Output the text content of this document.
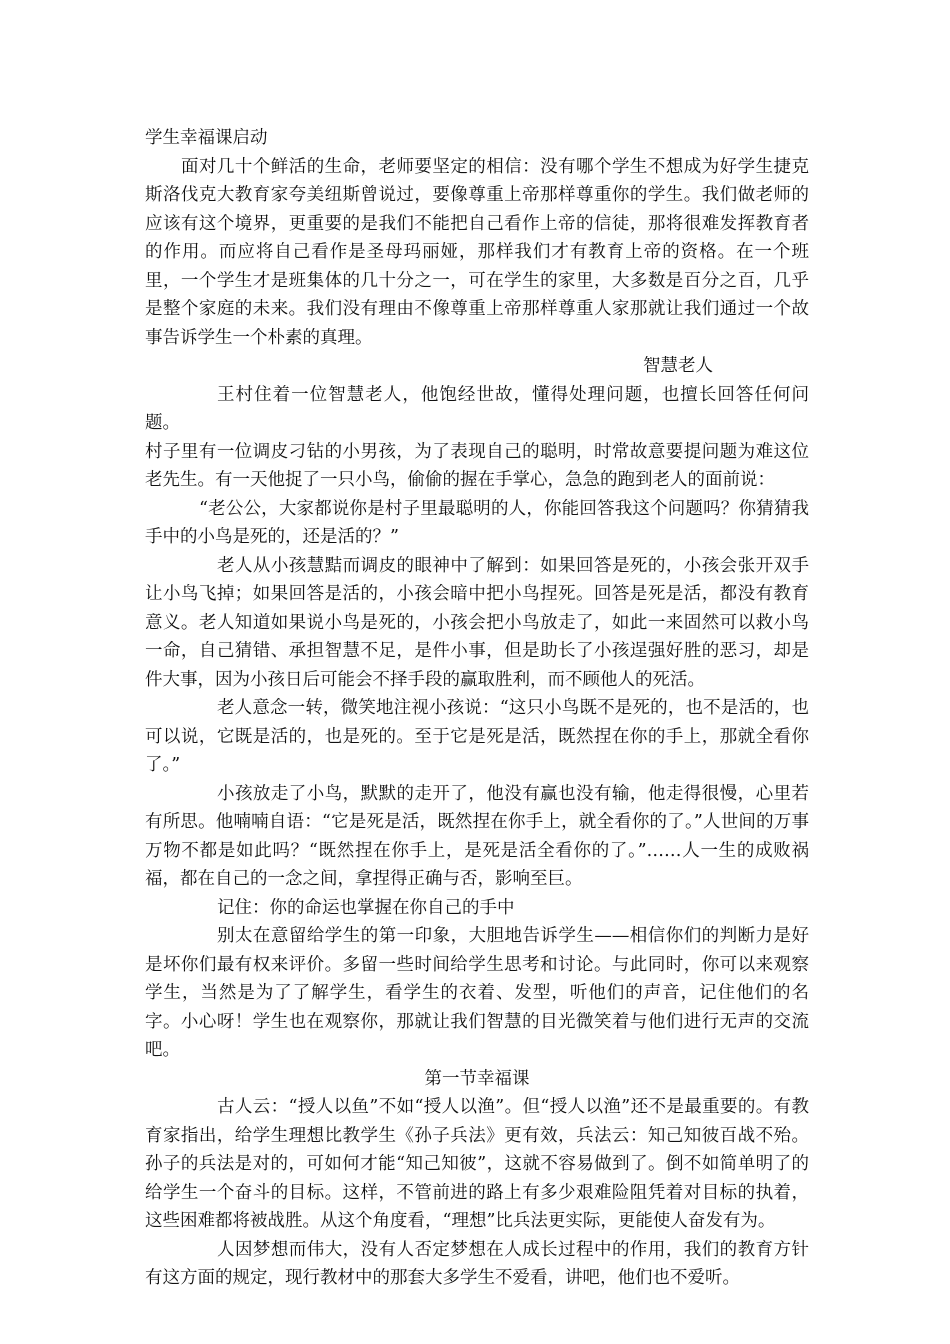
学生幸福课启动

面对几十个鲜活的生命，老师要坚定的相信：没有哪个学生不想成为好学生捷克斯洛伐克大教育家夸美纽斯曾说过，要像尊重上帝那样尊重你的学生。我们做老师的应该有这个境界，更重要的是我们不能把自己看作上帝的信徒，那将很难发挥教育者的作用。而应将自己看作是圣母玛丽娅，那样我们才有教育上帝的资格。在一个班里，一个学生才是班集体的几十分之一，可在学生的家里，大多数是百分之百，几乎是整个家庭的未来。我们没有理由不像尊重上帝那样尊重人家那就让我们通过一个故事告诉学生一个朴素的真理。

智慧老人

王村住着一位智慧老人，他饱经世故，懂得处理问题，也擅长回答任何问题。

村子里有一位调皮刁钻的小男孩，为了表现自己的聪明，时常故意要提问题为难这位老先生。有一天他捉了一只小鸟，偷偷的握在手掌心，急急的跑到老人的面前说：

“老公公，大家都说你是村子里最聪明的人，你能回答我这个问题吗？你猜猜我手中的小鸟是死的，还是活的？”

老人从小孩慧黠而调皮的眼神中了解到：如果回答是死的，小孩会张开双手让小鸟飞掉；如果回答是活的，小孩会暗中把小鸟捏死。回答是死是活，都没有教育意义。老人知道如果说小鸟是死的，小孩会把小鸟放走了，如此一来固然可以救小鸟一命，自己猜错、承担智慧不足，是件小事，但是助长了小孩逞强好胜的恶习，却是件大事，因为小孩日后可能会不择手段的赢取胜利，而不顾他人的死活。

老人意念一转，微笑地注视小孩说：“这只小鸟既不是死的，也不是活的，也可以说，它既是活的，也是死的。至于它是死是活，既然捏在你的手上，那就全看你了。”

小孩放走了小鸟，默默的走开了，他没有赢也没有输，他走得很慢，心里若有所思。他喃喃自语：“它是死是活，既然捏在你手上，就全看你的了。”人世间的万事万物不都是如此吗？“既然捏在你手上，是死是活全看你的了。”……人一生的成败祸福，都在自己的一念之间，拿捏得正确与否，影响至巨。

记住：你的命运也掌握在你自己的手中

别太在意留给学生的第一印象，大胆地告诉学生——相信你们的判断力是好是坏你们最有权来评价。多留一些时间给学生思考和讨论。与此同时，你可以来观察学生，当然是为了了解学生，看学生的衣着、发型，听他们的声音，记住他们的名字。小心呀！学生也在观察你，那就让我们智慧的目光微笑着与他们进行无声的交流吧。

第一节幸福课

古人云：“授人以鱼”不如“授人以渔”。但“授人以渔”还不是最重要的。有教育家指出，给学生理想比教学生《孙子兵法》更有效，兵法云：知己知彼百战不殆。孙子的兵法是对的，可如何才能“知己知彼”，这就不容易做到了。倒不如简单明了的给学生一个奋斗的目标。这样，不管前进的路上有多少艰难险阻凭着对目标的执着，这些困难都将被战胜。从这个角度看，“理想”比兵法更实际，更能使人奋发有为。

人因梦想而伟大，没有人否定梦想在人成长过程中的作用，我们的教育方针有这方面的规定，现行教材中的那套大多学生不爱看，讲吧，他们也不爱听。
